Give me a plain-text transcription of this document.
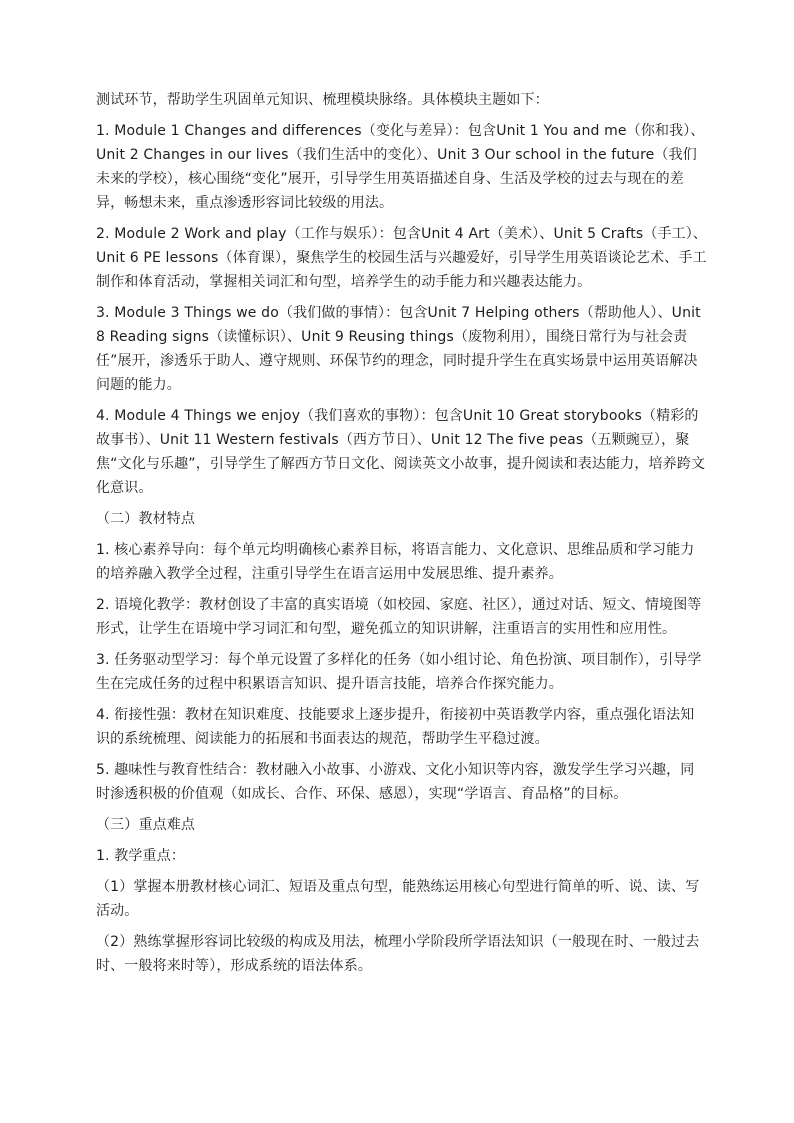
测试环节，帮助学生巩固单元知识、梳理模块脉络。具体模块主题如下：

1. Module 1 Changes and differences（变化与差异）：包含Unit 1 You and me（你和我）、Unit 2 Changes in our lives（我们生活中的变化）、Unit 3 Our school in the future（我们未来的学校），核心围绕“变化”展开，引导学生用英语描述自身、生活及学校的过去与现在的差异，畅想未来，重点渗透形容词比较级的用法。

2. Module 2 Work and play（工作与娱乐）：包含Unit 4 Art（美术）、Unit 5 Crafts（手工）、Unit 6 PE lessons（体育课），聚焦学生的校园生活与兴趣爱好，引导学生用英语谈论艺术、手工制作和体育活动，掌握相关词汇和句型，培养学生的动手能力和兴趣表达能力。

3. Module 3 Things we do（我们做的事情）：包含Unit 7 Helping others（帮助他人）、Unit 8 Reading signs（读懂标识）、Unit 9 Reusing things（废物利用），围绕日常行为与社会责任”展开，渗透乐于助人、遵守规则、环保节约的理念，同时提升学生在真实场景中运用英语解决问题的能力。

4. Module 4 Things we enjoy（我们喜欢的事物）：包含Unit 10 Great storybooks（精彩的故事书）、Unit 11 Western festivals（西方节日）、Unit 12 The five peas（五颗豌豆），聚焦“文化与乐趣”，引导学生了解西方节日文化、阅读英文小故事，提升阅读和表达能力，培养跨文化意识。

（二）教材特点

1. 核心素养导向：每个单元均明确核心素养目标，将语言能力、文化意识、思维品质和学习能力的培养融入教学全过程，注重引导学生在语言运用中发展思维、提升素养。

2. 语境化教学：教材创设了丰富的真实语境（如校园、家庭、社区），通过对话、短文、情境图等形式，让学生在语境中学习词汇和句型，避免孤立的知识讲解，注重语言的实用性和应用性。

3. 任务驱动型学习：每个单元设置了多样化的任务（如小组讨论、角色扮演、项目制作），引导学生在完成任务的过程中积累语言知识、提升语言技能，培养合作探究能力。

4. 衔接性强：教材在知识难度、技能要求上逐步提升，衔接初中英语教学内容，重点强化语法知识的系统梳理、阅读能力的拓展和书面表达的规范，帮助学生平稳过渡。

5. 趣味性与教育性结合：教材融入小故事、小游戏、文化小知识等内容，激发学生学习兴趣，同时渗透积极的价值观（如成长、合作、环保、感恩），实现“学语言、育品格”的目标。

（三）重点难点

1. 教学重点：

（1）掌握本册教材核心词汇、短语及重点句型，能熟练运用核心句型进行简单的听、说、读、写活动。

（2）熟练掌握形容词比较级的构成及用法，梳理小学阶段所学语法知识（一般现在时、一般过去时、一般将来时等），形成系统的语法体系。
